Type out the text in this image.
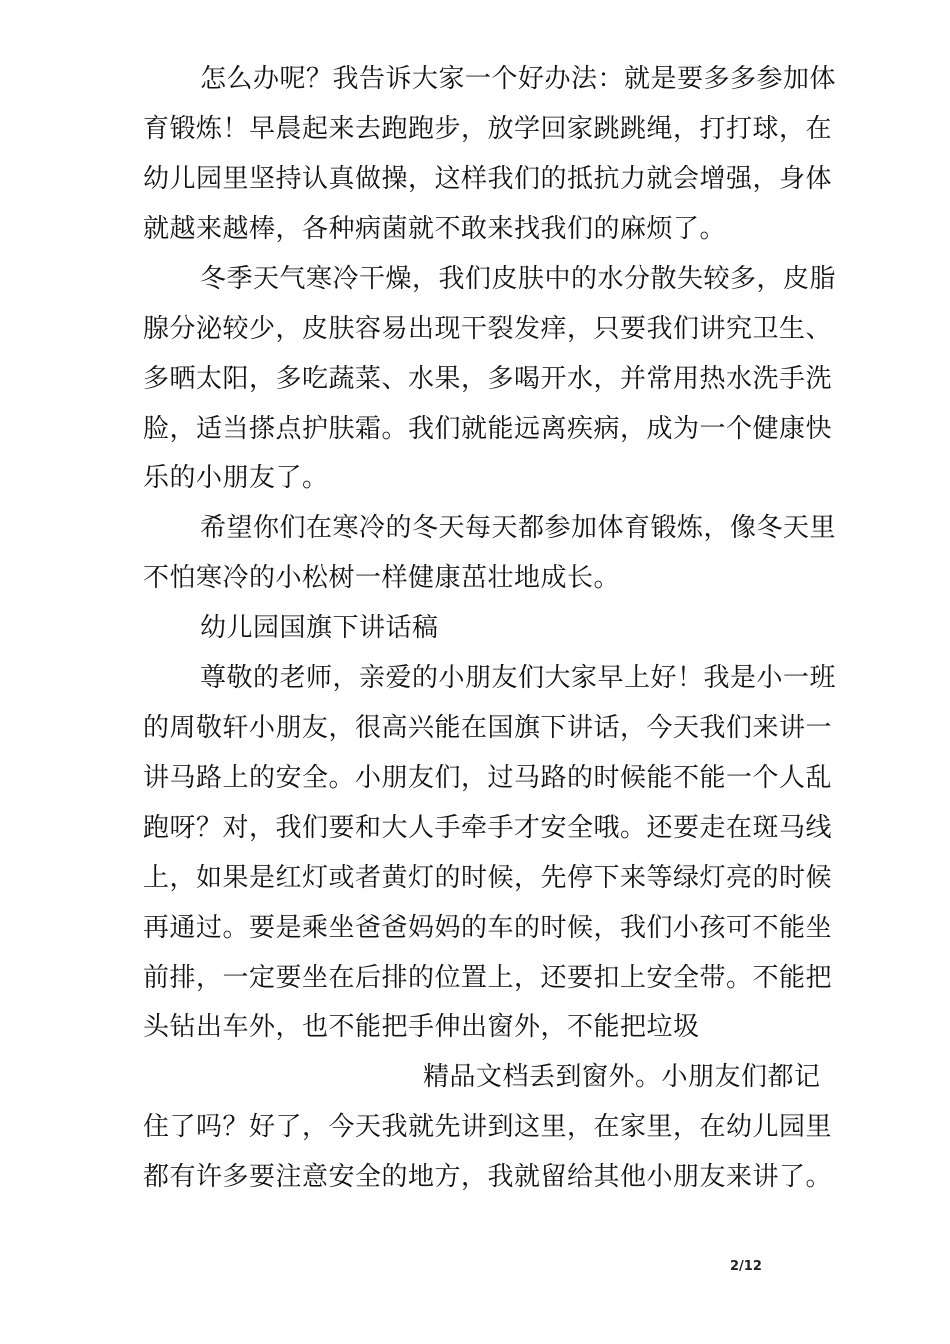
怎么办呢？我告诉大家一个好办法：就是要多多参加体
育锻炼！早晨起来去跑跑步，放学回家跳跳绳，打打球，在
幼儿园里坚持认真做操，这样我们的抵抗力就会增强，身体
就越来越棒，各种病菌就不敢来找我们的麻烦了。
冬季天气寒冷干燥，我们皮肤中的水分散失较多，皮脂
腺分泌较少，皮肤容易出现干裂发痒，只要我们讲究卫生、
多晒太阳，多吃蔬菜、水果，多喝开水，并常用热水洗手洗
脸，适当搽点护肤霜。我们就能远离疾病，成为一个健康快
乐的小朋友了。
希望你们在寒冷的冬天每天都参加体育锻炼，像冬天里
不怕寒冷的小松树一样健康茁壮地成长。
幼儿园国旗下讲话稿
尊敬的老师，亲爱的小朋友们大家早上好！我是小一班
的周敬轩小朋友，很高兴能在国旗下讲话，今天我们来讲一
讲马路上的安全。小朋友们，过马路的时候能不能一个人乱
跑呀？对，我们要和大人手牵手才安全哦。还要走在斑马线
上，如果是红灯或者黄灯的时候，先停下来等绿灯亮的时候
再通过。要是乘坐爸爸妈妈的车的时候，我们小孩可不能坐
前排，一定要坐在后排的位置上，还要扣上安全带。不能把
头钻出车外，也不能把手伸出窗外，不能把垃圾
精品文档丢到窗外。小朋友们都记
住了吗？好了，今天我就先讲到这里，在家里，在幼儿园里
都有许多要注意安全的地方，我就留给其他小朋友来讲了。
2/12
